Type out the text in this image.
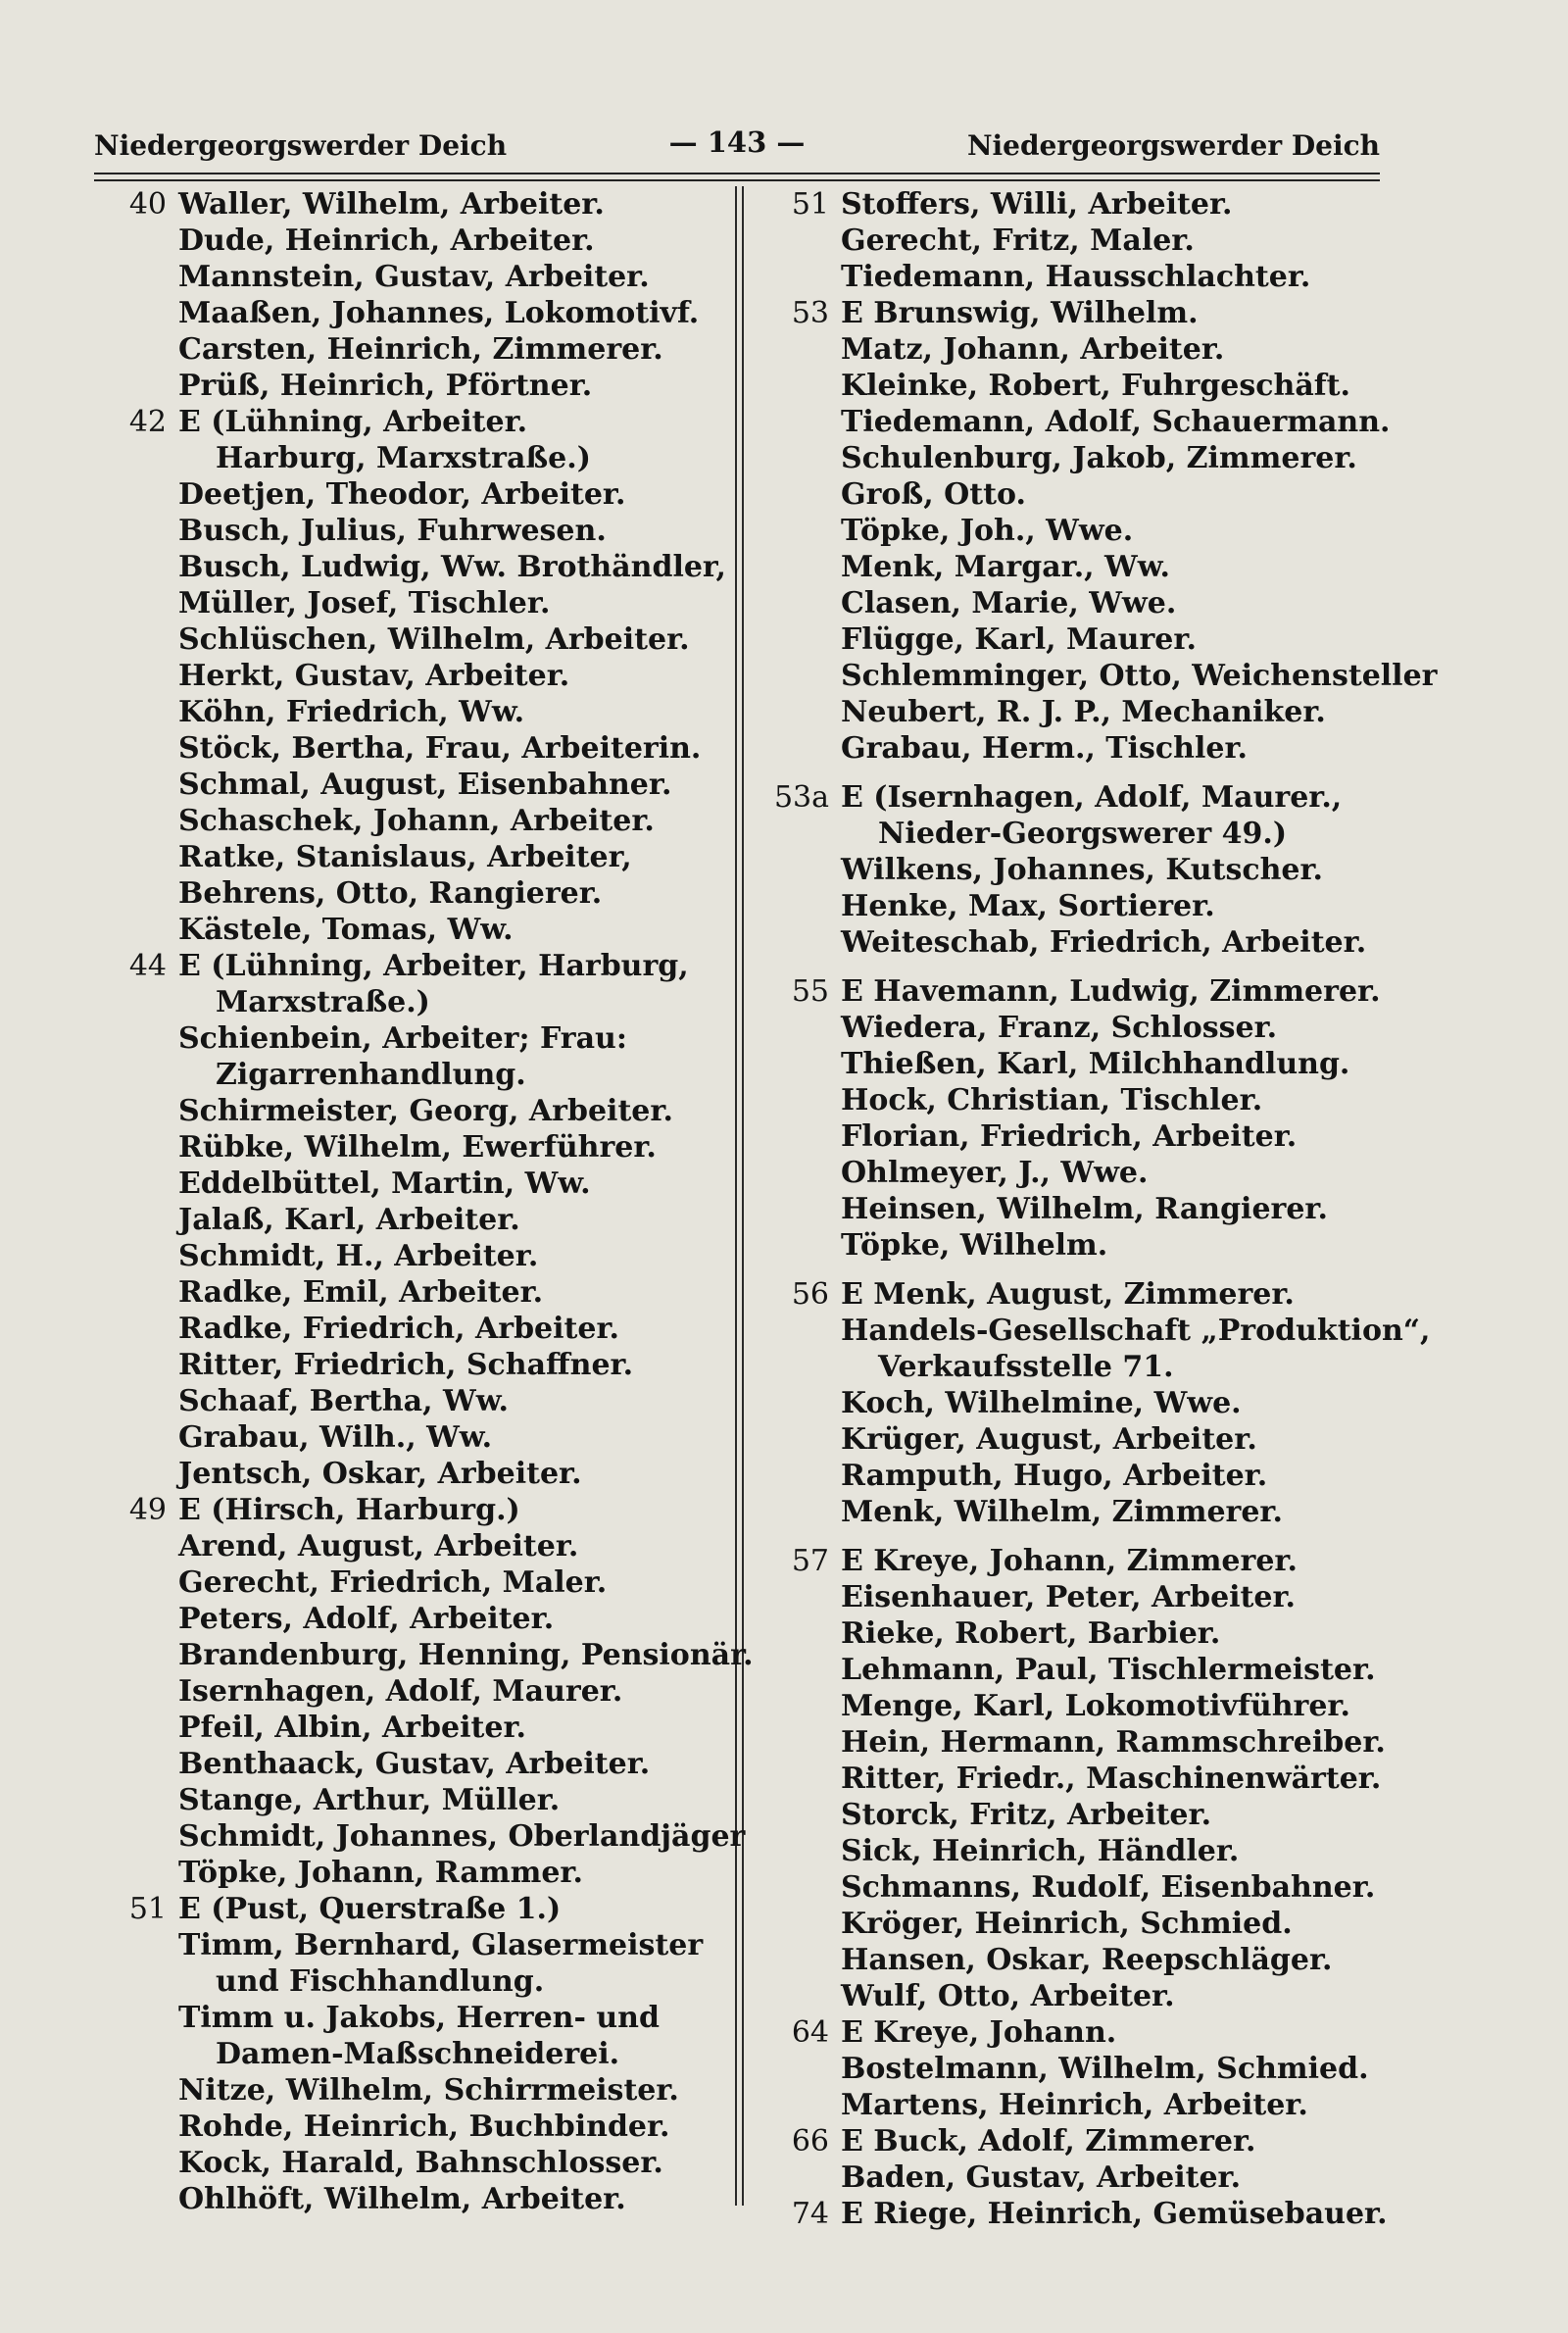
Niedergeorgswerder Deich	— 143 —	Niedergeorgswerder Deich
40 Waller, Wilhelm, Arbeiter.
Dude, Heinrich, Arbeiter.
Mannstein, Gustav, Arbeiter.
Maaßen, Johannes, Lokomotivf.
Carsten, Heinrich, Zimmerer.
Prüß, Heinrich, Pförtner.
42 E (Lühning, Arbeiter.
Harburg, Marxstraße.)
Deetjen, Theodor, Arbeiter.
Busch, Julius, Fuhrwesen.
Busch, Ludwig, Ww. Brothändler,
Müller, Josef, Tischler.
Schlüschen, Wilhelm, Arbeiter.
Herkt, Gustav, Arbeiter.
Köhn, Friedrich, Ww.
Stöck, Bertha, Frau, Arbeiterin.
Schmal, August, Eisenbahner.
Schaschek, Johann, Arbeiter.
Ratke, Stanislaus, Arbeiter,
Behrens, Otto, Rangierer.
Kästele, Tomas, Ww.
44 E (Lühning, Arbeiter, Harburg,
Marxstraße.)
Schienbein, Arbeiter; Frau:
Zigarrenhandlung.
Schirmeister, Georg, Arbeiter.
Rübke, Wilhelm, Ewerführer.
Eddelbüttel, Martin, Ww.
Jalaß, Karl, Arbeiter.
Schmidt, H., Arbeiter.
Radke, Emil, Arbeiter.
Radke, Friedrich, Arbeiter.
Ritter, Friedrich, Schaffner.
Schaaf, Bertha, Ww.
Grabau, Wilh., Ww.
Jentsch, Oskar, Arbeiter.
49 E (Hirsch, Harburg.)
Arend, August, Arbeiter.
Gerecht, Friedrich, Maler.
Peters, Adolf, Arbeiter.
Brandenburg, Henning, Pensionär.
Isernhagen, Adolf, Maurer.
Pfeil, Albin, Arbeiter.
Benthaack, Gustav, Arbeiter.
Stange, Arthur, Müller.
Schmidt, Johannes, Oberlandjäger
Töpke, Johann, Rammer.
51 E (Pust, Querstraße 1.)
Timm, Bernhard, Glasermeister
und Fischhandlung.
Timm u. Jakobs, Herren- und
Damen-Maßschneiderei.
Nitze, Wilhelm, Schirrmeister.
Rohde, Heinrich, Buchbinder.
Kock, Harald, Bahnschlosser.
Ohlhöft, Wilhelm, Arbeiter.
51 Stoffers, Willi, Arbeiter.
Gerecht, Fritz, Maler.
Tiedemann, Hausschlachter.
53 E Brunswig, Wilhelm.
Matz, Johann, Arbeiter.
Kleinke, Robert, Fuhrgeschäft.
Tiedemann, Adolf, Schauermann.
Schulenburg, Jakob, Zimmerer.
Groß, Otto.
Töpke, Joh., Wwe.
Menk, Margar., Ww.
Clasen, Marie, Wwe.
Flügge, Karl, Maurer.
Schlemminger, Otto, Weichensteller
Neubert, R. J. P., Mechaniker.
Grabau, Herm., Tischler.
53a E (Isernhagen, Adolf, Maurer.,
Nieder-Georgswerer 49.)
Wilkens, Johannes, Kutscher.
Henke, Max, Sortierer.
Weiteschab, Friedrich, Arbeiter.
55 E Havemann, Ludwig, Zimmerer.
Wiedera, Franz, Schlosser.
Thießen, Karl, Milchhandlung.
Hock, Christian, Tischler.
Florian, Friedrich, Arbeiter.
Ohlmeyer, J., Wwe.
Heinsen, Wilhelm, Rangierer.
Töpke, Wilhelm.
56 E Menk, August, Zimmerer.
Handels-Gesellschaft „Produktion“,
Verkaufsstelle 71.
Koch, Wilhelmine, Wwe.
Krüger, August, Arbeiter.
Ramputh, Hugo, Arbeiter.
Menk, Wilhelm, Zimmerer.
57 E Kreye, Johann, Zimmerer.
Eisenhauer, Peter, Arbeiter.
Rieke, Robert, Barbier.
Lehmann, Paul, Tischlermeister.
Menge, Karl, Lokomotivführer.
Hein, Hermann, Rammschreiber.
Ritter, Friedr., Maschinenwärter.
Storck, Fritz, Arbeiter.
Sick, Heinrich, Händler.
Schmanns, Rudolf, Eisenbahner.
Kröger, Heinrich, Schmied.
Hansen, Oskar, Reepschläger.
Wulf, Otto, Arbeiter.
64 E Kreye, Johann.
Bostelmann, Wilhelm, Schmied.
Martens, Heinrich, Arbeiter.
66 E Buck, Adolf, Zimmerer.
Baden, Gustav, Arbeiter.
74 E Riege, Heinrich, Gemüsebauer.
